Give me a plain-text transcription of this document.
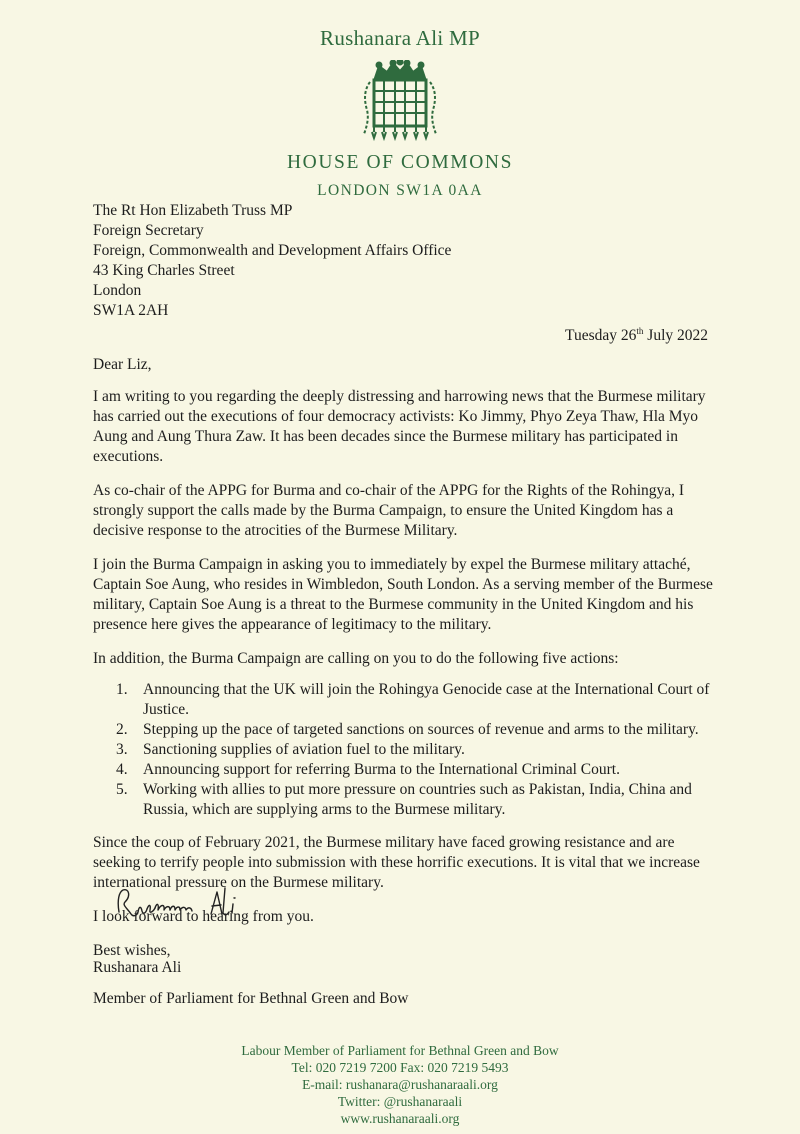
Rushanara Ali MP
HOUSE OF COMMONS
LONDON SW1A 0AA
The Rt Hon Elizabeth Truss MP
Foreign Secretary
Foreign, Commonwealth and Development Affairs Office
43 King Charles Street
London
SW1A 2AH
Tuesday 26th July 2022

Dear Liz,

I am writing to you regarding the deeply distressing and harrowing news that the Burmese military has carried out the executions of four democracy activists: Ko Jimmy, Phyo Zeya Thaw, Hla Myo Aung and Aung Thura Zaw. It has been decades since the Burmese military has participated in executions.

As co-chair of the APPG for Burma and co-chair of the APPG for the Rights of the Rohingya, I strongly support the calls made by the Burma Campaign, to ensure the United Kingdom has a decisive response to the atrocities of the Burmese Military.

I join the Burma Campaign in asking you to immediately by expel the Burmese military attaché, Captain Soe Aung, who resides in Wimbledon, South London. As a serving member of the Burmese military, Captain Soe Aung is a threat to the Burmese community in the United Kingdom and his presence here gives the appearance of legitimacy to the military.

In addition, the Burma Campaign are calling on you to do the following five actions:

1. Announcing that the UK will join the Rohingya Genocide case at the International Court of Justice.
2. Stepping up the pace of targeted sanctions on sources of revenue and arms to the military.
3. Sanctioning supplies of aviation fuel to the military.
4. Announcing support for referring Burma to the International Criminal Court.
5. Working with allies to put more pressure on countries such as Pakistan, India, China and Russia, which are supplying arms to the Burmese military.

Since the coup of February 2021, the Burmese military have faced growing resistance and are seeking to terrify people into submission with these horrific executions. It is vital that we increase international pressure on the Burmese military.

I look forward to hearing from you.

Best wishes,

Rushanara Ali
Member of Parliament for Bethnal Green and Bow
Labour Member of Parliament for Bethnal Green and Bow
Tel: 020 7219 7200 Fax: 020 7219 5493
E-mail: rushanara@rushanaraali.org
Twitter: @rushanaraali
www.rushanaraali.org
